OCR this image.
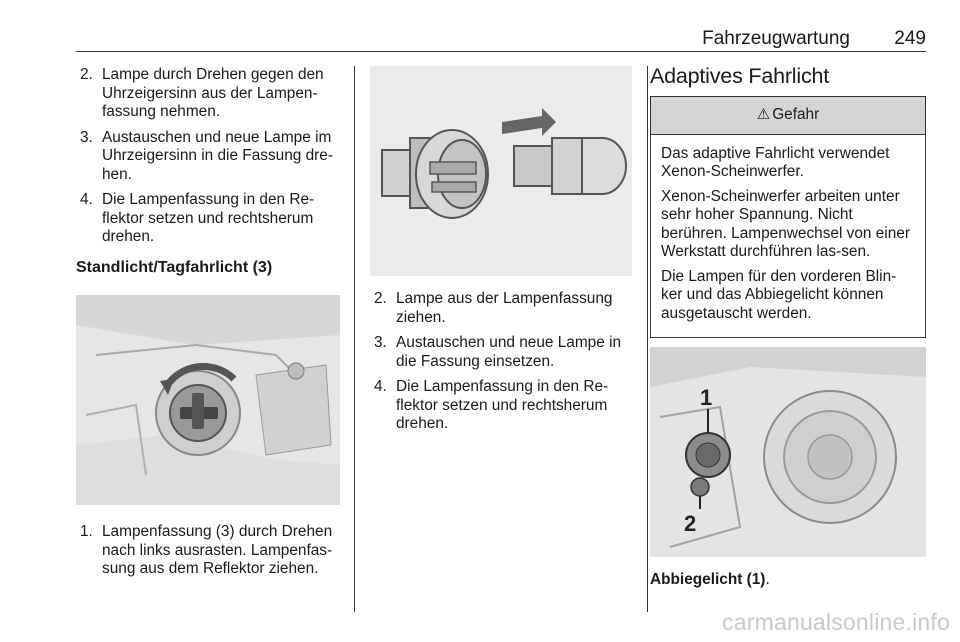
Fahrzeugwartung 249
2. Lampe durch Drehen gegen den Uhrzeigersinn aus der Lampen-fassung nehmen.
3. Austauschen und neue Lampe im Uhrzeigersinn in die Fassung dre-hen.
4. Die Lampenfassung in den Re-flektor setzen und rechtsherum drehen.
Standlicht/Tagfahrlicht (3)
1. Lampenfassung (3) durch Drehen nach links ausrasten. Lampenfas-sung aus dem Reflektor ziehen.
2. Lampe aus der Lampenfassung ziehen.
3. Austauschen und neue Lampe in die Fassung einsetzen.
4. Die Lampenfassung in den Re-flektor setzen und rechtsherum drehen.
Adaptives Fahrlicht
⚠ Gefahr

Das adaptive Fahrlicht verwendet Xenon-Scheinwerfer.

Xenon-Scheinwerfer arbeiten unter sehr hoher Spannung. Nicht berühren. Lampenwechsel von einer Werkstatt durchführen las-sen.

Die Lampen für den vorderen Blin-ker und das Abbiegelicht können ausgetauscht werden.

1
2

Abbiegelicht (1).

carmanualsonline.info
